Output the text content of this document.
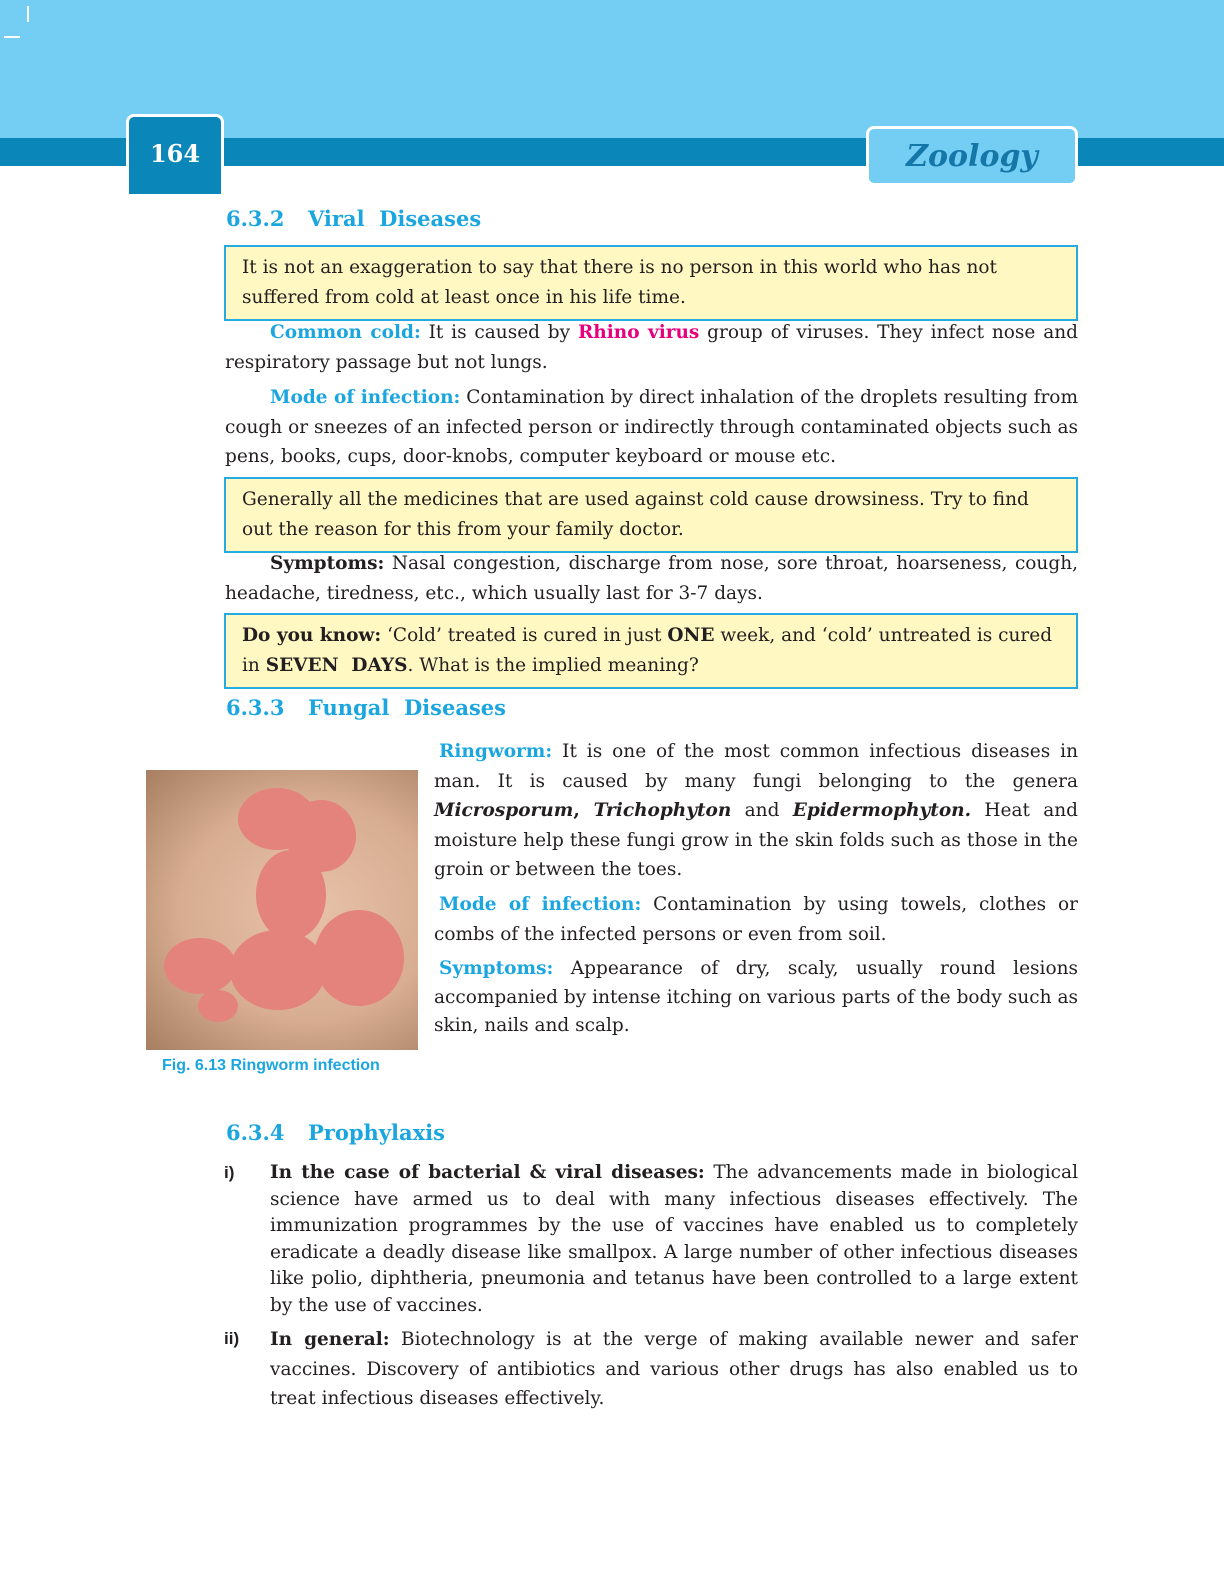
164	Zoology
6.3.2 Viral  Diseases
It is not an exaggeration to say that there is no person in this world who has not suffered from cold at least once in his life time.
Common cold: It is caused by Rhino virus group of viruses. They infect nose and respiratory passage but not lungs.
Mode of infection: Contamination by direct inhalation of the droplets resulting from cough or sneezes of an infected person or indirectly through contaminated objects such as pens, books, cups, door-knobs, computer keyboard or mouse etc.
Generally all the medicines that are used against cold cause drowsiness. Try to find out the reason for this from your family doctor.
Symptoms: Nasal congestion, discharge from nose, sore throat, hoarseness, cough, headache, tiredness, etc., which usually last for 3-7 days.
Do you know: ‘Cold’ treated is cured in just ONE week, and ‘cold’ untreated is cured in SEVEN  DAYS. What is the implied meaning?
6.3.3 Fungal  Diseases
Fig. 6.13 Ringworm infection
Ringworm: It is one of the most common infectious diseases in man. It is caused by many fungi belonging to the genera Microsporum, Trichophyton and Epidermophyton. Heat and moisture help these fungi grow in the skin folds such as those in the groin or between the toes.
Mode of infection: Contamination by using towels, clothes or combs of the infected persons or even from soil.
Symptoms: Appearance of dry, scaly, usually round lesions accompanied by intense itching on various parts of the body such as skin, nails and scalp.
6.3.4 Prophylaxis
i) In the case of bacterial & viral diseases: The advancements made in biological science have armed us to deal with many infectious diseases effectively. The immunization programmes by the use of vaccines have enabled us to completely eradicate a deadly disease like smallpox. A large number of other infectious diseases like polio, diphtheria, pneumonia and tetanus have been controlled to a large extent by the use of vaccines.
ii) In general: Biotechnology is at the verge of making available newer and safer vaccines. Discovery of antibiotics and various other drugs has also enabled us to treat infectious diseases effectively.
